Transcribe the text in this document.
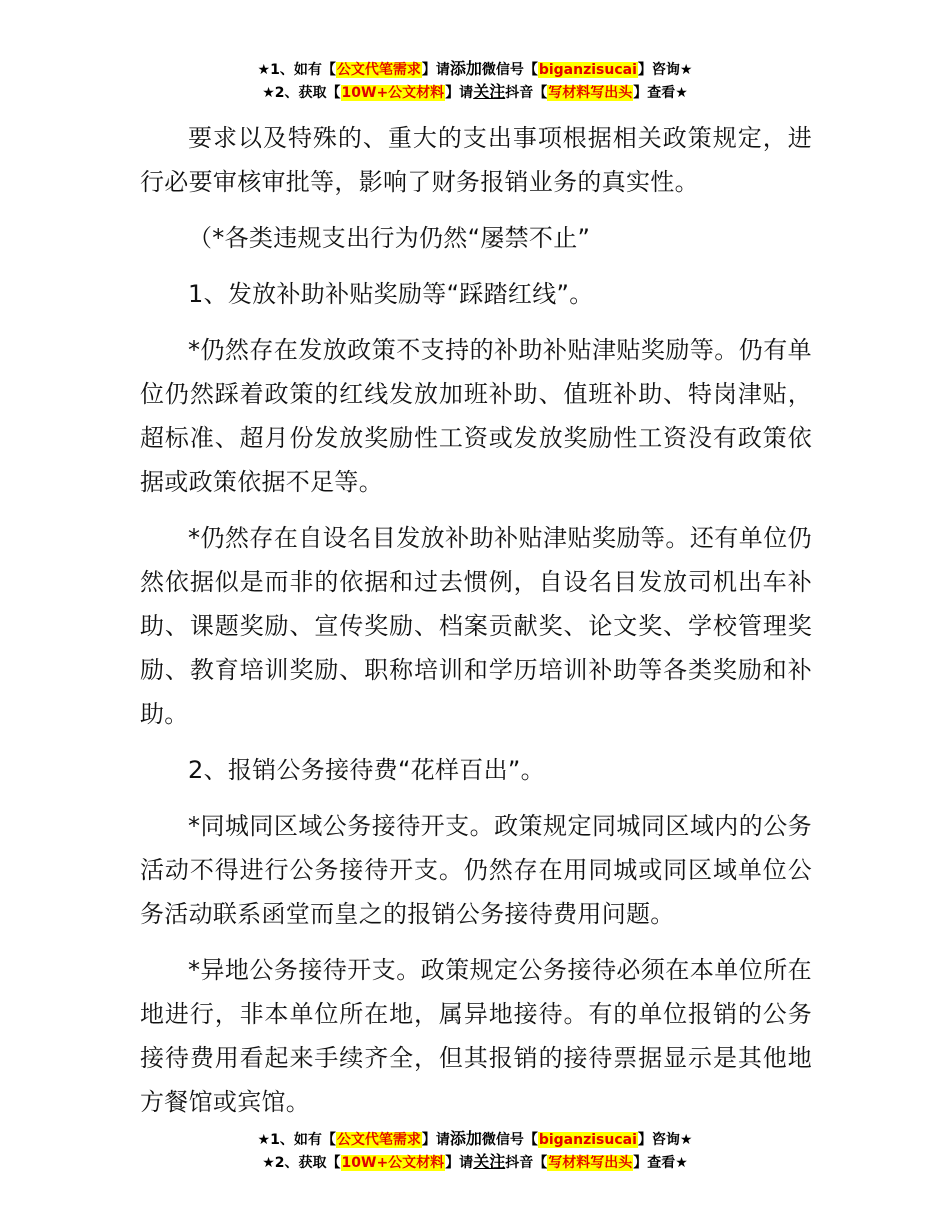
★1、如有【公文代笔需求】请添加微信号【biganzisucai】咨询★
★2、获取【10W+公文材料】请关注抖音【写材料写出头】查看★

要求以及特殊的、重大的支出事项根据相关政策规定，进行必要审核审批等，影响了财务报销业务的真实性。

（*各类违规支出行为仍然“屡禁不止”

1、发放补助补贴奖励等“踩踏红线”。

*仍然存在发放政策不支持的补助补贴津贴奖励等。仍有单位仍然踩着政策的红线发放加班补助、值班补助、特岗津贴，超标准、超月份发放奖励性工资或发放奖励性工资没有政策依据或政策依据不足等。

*仍然存在自设名目发放补助补贴津贴奖励等。还有单位仍然依据似是而非的依据和过去惯例，自设名目发放司机出车补助、课题奖励、宣传奖励、档案贡献奖、论文奖、学校管理奖励、教育培训奖励、职称培训和学历培训补助等各类奖励和补助。

2、报销公务接待费“花样百出”。

*同城同区域公务接待开支。政策规定同城同区域内的公务活动不得进行公务接待开支。仍然存在用同城或同区域单位公务活动联系函堂而皇之的报销公务接待费用问题。

*异地公务接待开支。政策规定公务接待必须在本单位所在地进行，非本单位所在地，属异地接待。有的单位报销的公务接待费用看起来手续齐全，但其报销的接待票据显示是其他地方餐馆或宾馆。

★1、如有【公文代笔需求】请添加微信号【biganzisucai】咨询★
★2、获取【10W+公文材料】请关注抖音【写材料写出头】查看★
